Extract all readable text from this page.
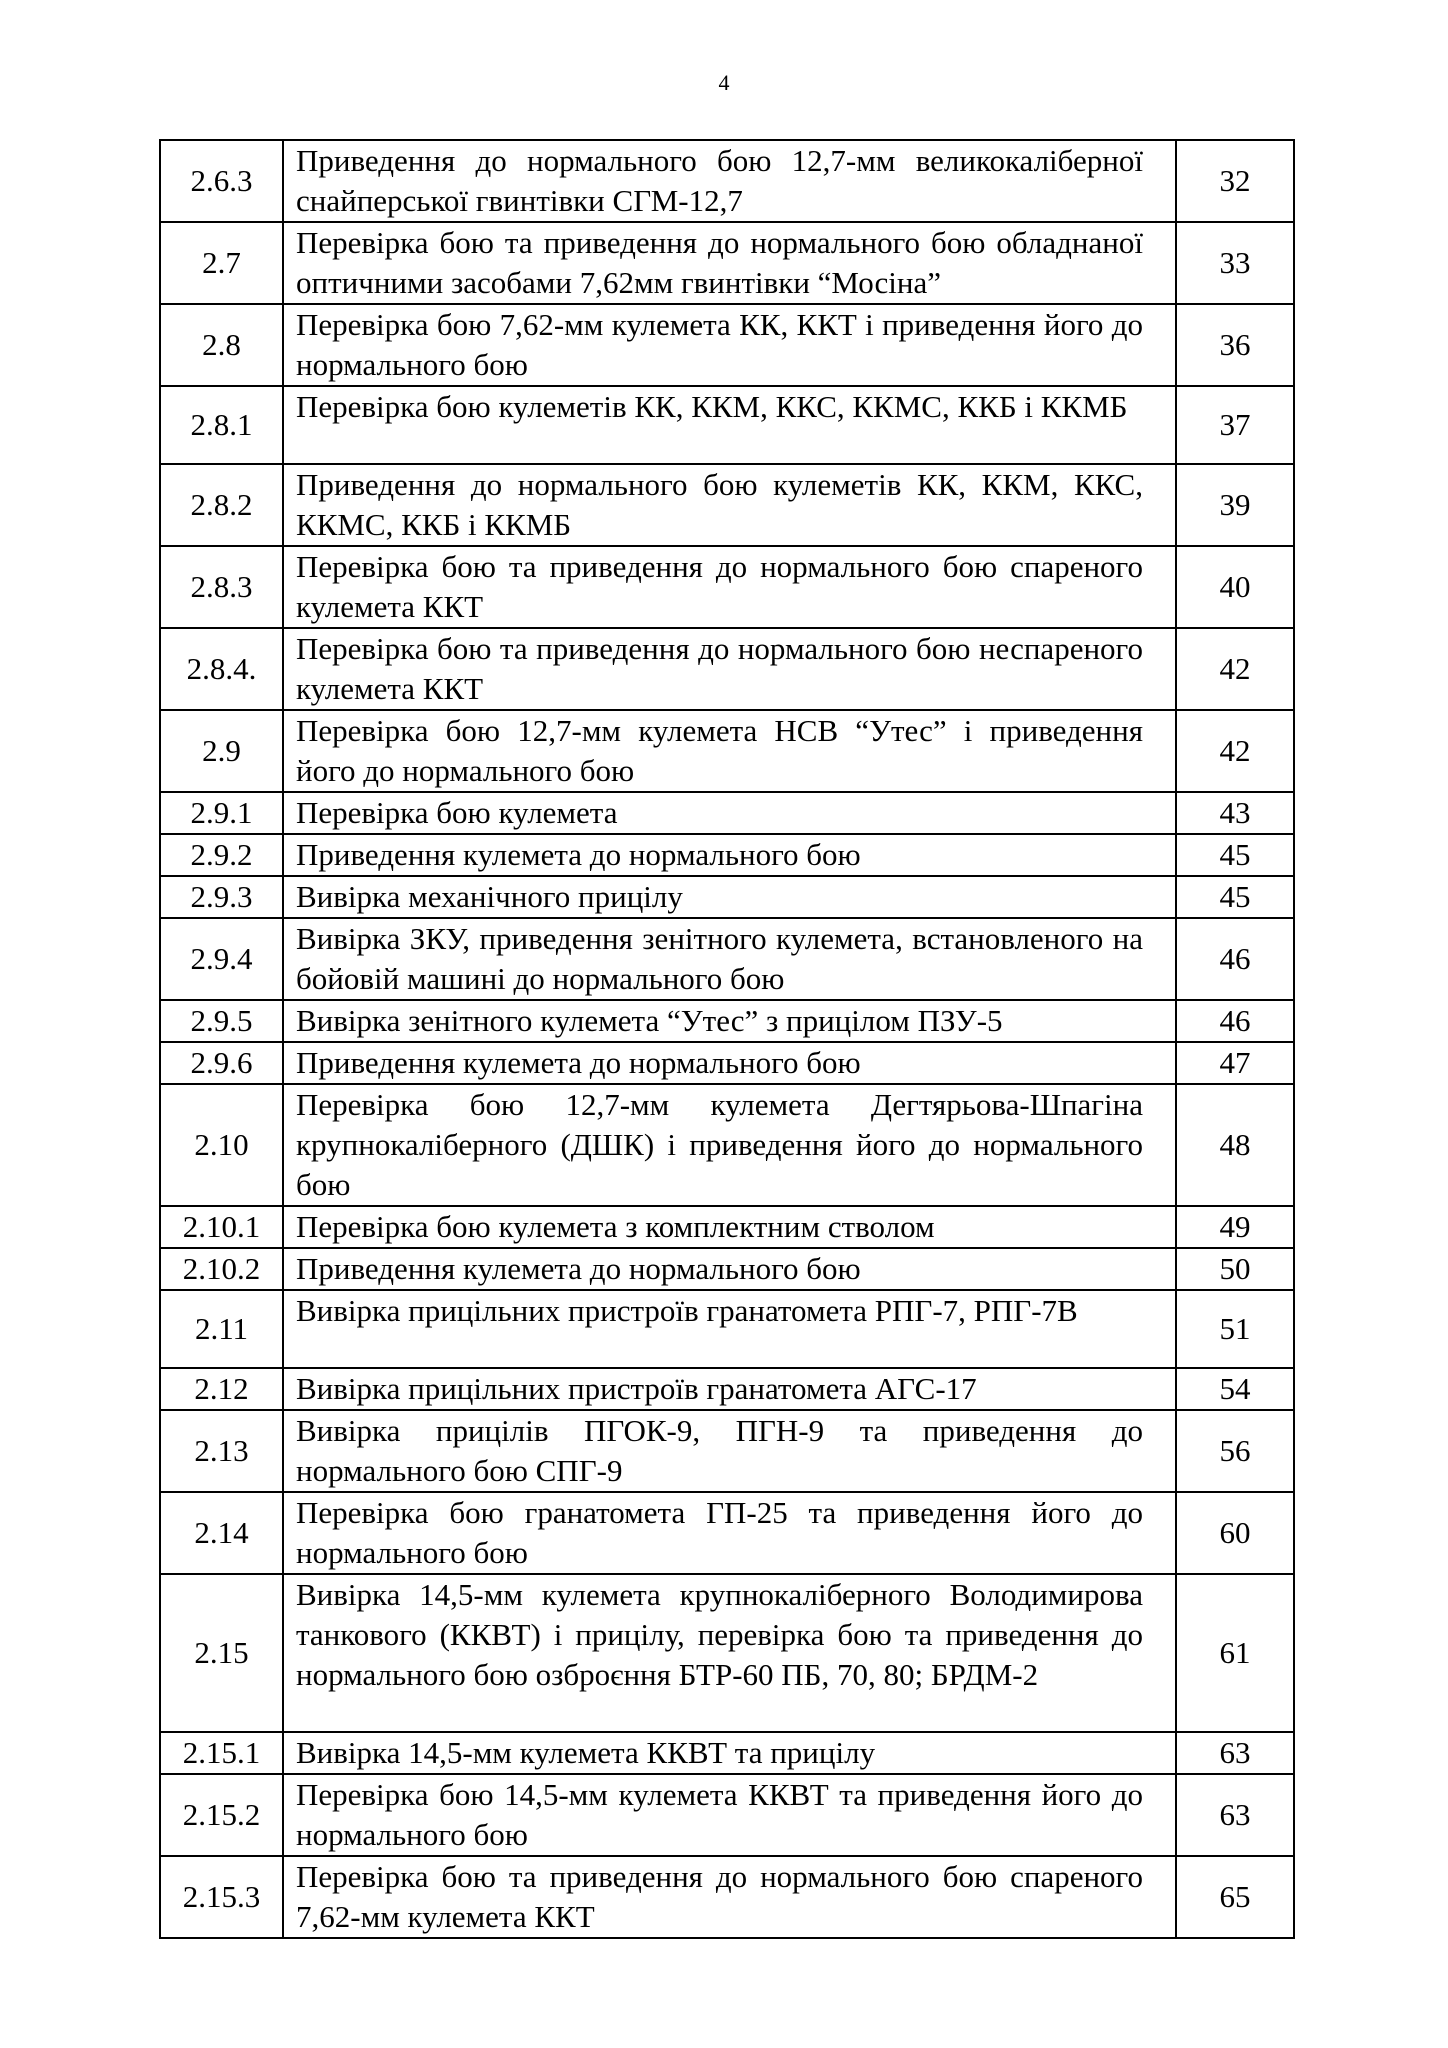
4
2.6.3	Приведення до нормального бою 12,7-мм великокаліберної снайперської гвинтівки СГМ-12,7	32
2.7	Перевірка бою та приведення до нормального бою обладнаної оптичними засобами 7,62мм гвинтівки “Мосіна”	33
2.8	Перевірка бою 7,62-мм кулемета КК, ККТ і приведення його до нормального бою	36
2.8.1	Перевірка бою кулеметів КК, ККМ, ККС, ККМС, ККБ і ККМБ	37
2.8.2	Приведення до нормального бою кулеметів КК, ККМ, ККС, ККМС, ККБ і ККМБ	39
2.8.3	Перевірка бою та приведення до нормального бою спареного кулемета ККТ	40
2.8.4.	Перевірка бою та приведення до нормального бою неспареного кулемета ККТ	42
2.9	Перевірка бою 12,7-мм кулемета НСВ “Утес” і приведення його до нормального бою	42
2.9.1	Перевірка бою кулемета	43
2.9.2	Приведення кулемета до нормального бою	45
2.9.3	Вивірка механічного прицілу	45
2.9.4	Вивірка ЗКУ, приведення зенітного кулемета, встановленого на бойовій машині до нормального бою	46
2.9.5	Вивірка зенітного кулемета “Утес” з прицілом ПЗУ-5	46
2.9.6	Приведення кулемета до нормального бою	47
2.10	Перевірка бою 12,7-мм кулемета Дегтярьова-Шпагіна крупнокаліберного (ДШК) і приведення його до нормального бою	48
2.10.1	Перевірка бою кулемета з комплектним стволом	49
2.10.2	Приведення кулемета до нормального бою	50
2.11	Вивірка прицільних пристроїв гранатомета РПГ-7, РПГ-7В	51
2.12	Вивірка прицільних пристроїв гранатомета АГС-17	54
2.13	Вивірка прицілів ПГОК-9, ПГН-9 та приведення до нормального бою СПГ-9	56
2.14	Перевірка бою гранатомета ГП-25 та приведення його до нормального бою	60
2.15	Вивірка 14,5-мм кулемета крупнокаліберного Володимирова танкового (ККВТ) і прицілу, перевірка бою та приведення до нормального бою озброєння БТР-60 ПБ, 70, 80; БРДМ-2	61
2.15.1	Вивірка 14,5-мм кулемета ККВТ та прицілу	63
2.15.2	Перевірка бою 14,5-мм кулемета ККВТ та приведення його до нормального бою	63
2.15.3	Перевірка бою та приведення до нормального бою спареного 7,62-мм кулемета ККТ	65
